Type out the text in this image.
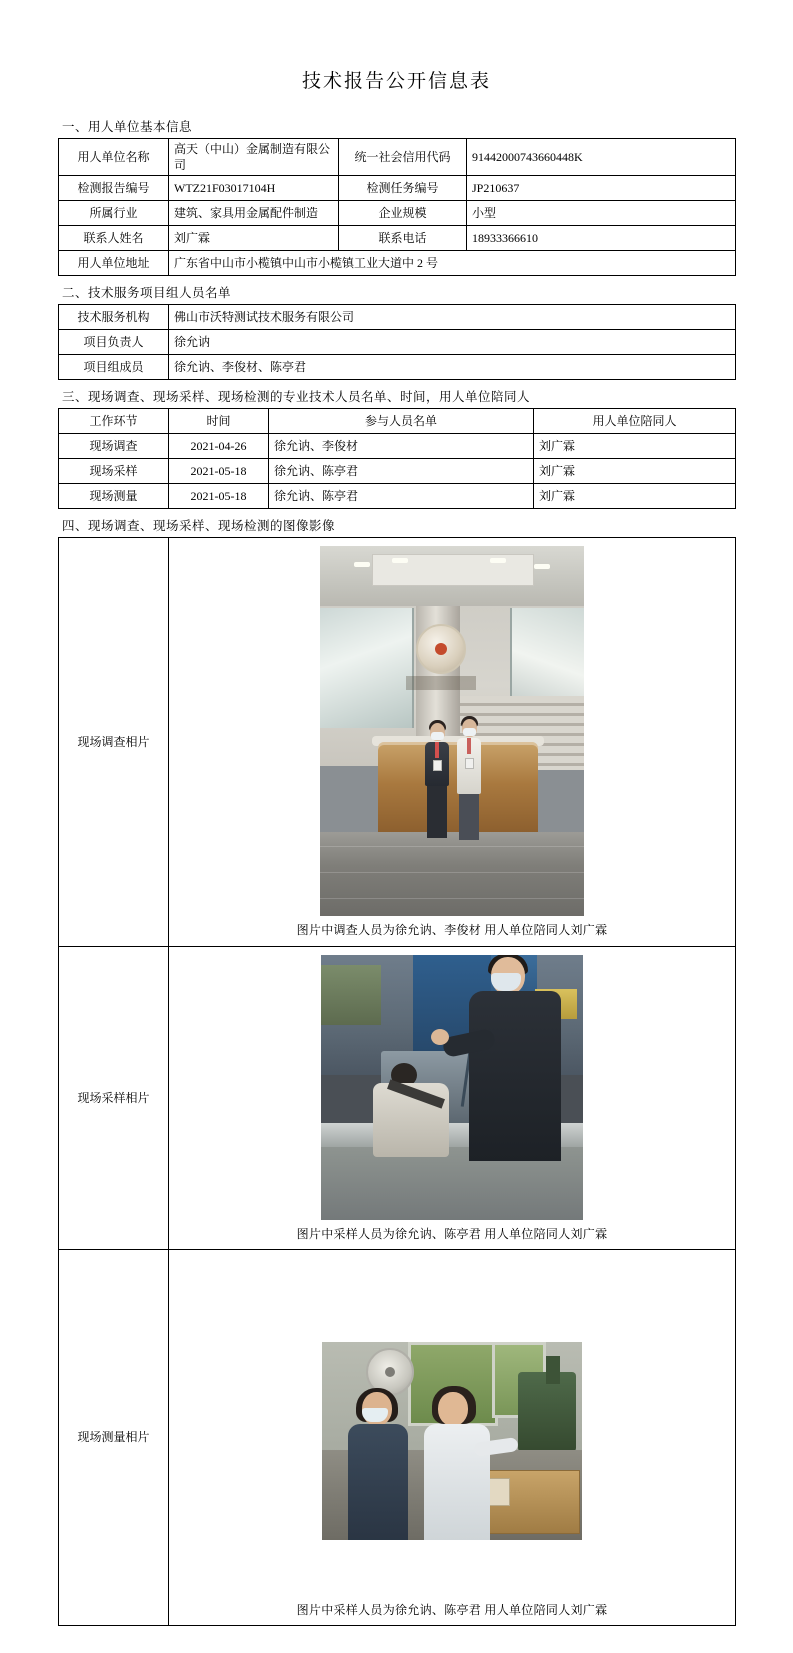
技术报告公开信息表
一、用人单位基本信息
用人单位名称	高天（中山）金属制造有限公司	统一社会信用代码	91442000743660448K
检测报告编号	WTZ21F03017104H	检测任务编号	JP210637
所属行业	建筑、家具用金属配件制造	企业规模	小型
联系人姓名	刘广霖	联系电话	18933366610
用人单位地址	广东省中山市小榄镇中山市小榄镇工业大道中 2 号		
二、技术服务项目组人员名单
技术服务机构	佛山市沃特测试技术服务有限公司
项目负责人	徐允讷
项目组成员	徐允讷、李俊材、陈亭君
三、现场调查、现场采样、现场检测的专业技术人员名单、时间，用人单位陪同人
工作环节	时间	参与人员名单	用人单位陪同人
现场调查	2021-04-26	徐允讷、李俊材	刘广霖
现场采样	2021-05-18	徐允讷、陈亭君	刘广霖
现场测量	2021-05-18	徐允讷、陈亭君	刘广霖
四、现场调查、现场采样、现场检测的图像影像
现场调查相片	图片中调查人员为徐允讷、李俊材 用人单位陪同人刘广霖

现场采样相片	图片中采样人员为徐允讷、陈亭君 用人单位陪同人刘广霖

现场测量相片	图片中采样人员为徐允讷、陈亭君 用人单位陪同人刘广霖
